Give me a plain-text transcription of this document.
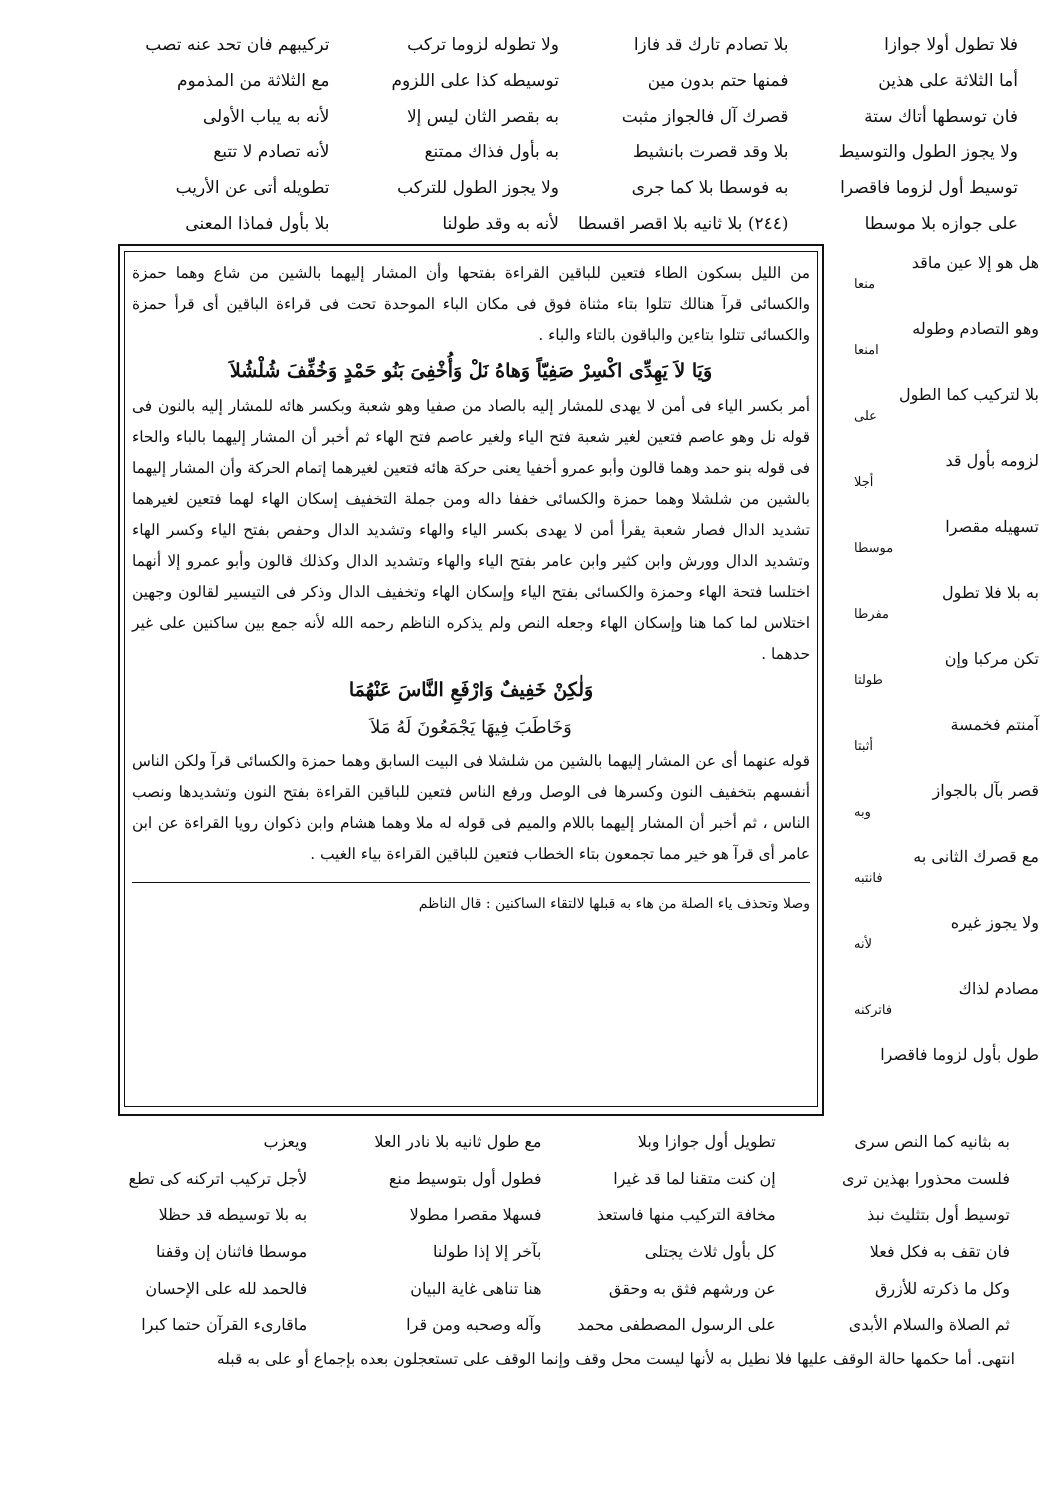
فلا تطول أولا جوازا
بلا تصادم تارك قد فازا
ولا تطوله لزوما تركب
تركيبهم فان تحد عنه تصب
أما الثلاثة على هذين
فمنها حتم بدون مين
توسيطه كذا على اللزوم
مع الثلاثة من المذموم
فان توسطها أتاك ستة
قصرك آل فالجواز مثبت
به بقصر الثان ليس إلا
لأنه به يباب الأولى
ولا يجوز الطول والتوسيط
بلا وقد قصرت بانشيط
به بأول فذاك ممتنع
لأنه تصادم لا تتبع
توسيط أول لزوما فاقصرا
به فوسطا بلا كما جرى
ولا يجوز الطول للتركب
تطويله أتى عن الأريب
على جوازه بلا موسطا
(٢٤٤) بلا ثانيه بلا اقصر اقسطا
لأنه به وقد طولنا
بلا بأول فماذا المعنى
هل هو إلا عين ماقد
منعا
وهو التصادم وطوله
امنعا
بلا لتركيب كما الطول
على
لزومه بأول قد
أجلا
تسهيله مقصرا
موسطا
به بلا فلا تطول
مفرطا
تكن مركبا وإن
طولتا
آمنتم فخمسة
أثبتا
قصر بآل بالجواز
وبه
مع قصرك الثانى به
فانتبه
ولا يجوز غيره
لأنه
مصادم لذاك
فاتركنه
طول بأول لزوما فاقصرا

من الليل بسكون الطاء فتعين للباقين القراءة بفتحها وأن المشار إليهما بالشين من شاع وهما حمزة والكسائى قرآ هنالك تتلوا بتاء مثناة فوق فى مكان الباء الموحدة تحت فى قراءة الباقين أى قرأ حمزة والكسائى تتلوا بتاءين والباقون بالتاء والباء .

وَيَا لاَ يَهِدِّى اكْسِرْ صَفِيّاً وَهاهُ نَلْ وَأُخْفِىَ بَنُو حَمْدٍ وَخُفِّفَ شُلْشُلاَ

أمر بكسر الياء فى أمن لا يهدى للمشار إليه بالصاد من صفيا وهو شعبة وبكسر هائه للمشار إليه بالنون فى قوله نل وهو عاصم فتعين لغير شعبة فتح الياء ولغير عاصم فتح الهاء ثم أخبر أن المشار إليهما بالباء والحاء فى قوله بنو حمد وهما قالون وأبو عمرو أخفيا يعنى حركة هائه فتعين لغيرهما إتمام الحركة وأن المشار إليهما بالشين من شلشلا وهما حمزة والكسائى خففا داله ومن جملة التخفيف إسكان الهاء لهما فتعين لغيرهما تشديد الدال فصار شعبة يقرأ أمن لا يهدى بكسر الياء والهاء وتشديد الدال وحفص بفتح الياء وكسر الهاء وتشديد الدال وورش وابن كثير وابن عامر بفتح الياء والهاء وتشديد الدال وكذلك قالون وأبو عمرو إلا أنهما اختلسا فتحة الهاء وحمزة والكسائى بفتح الياء وإسكان الهاء وتخفيف الدال وذكر فى التيسير لقالون وجهين اختلاس لما كما هنا وإسكان الهاء وجعله النص ولم يذكره الناظم رحمه الله لأنه جمع بين ساكنين على غير حدهما .

وَلٰكِنْ خَفِيفٌ وَارْفَعِ النَّاسَ عَنْهُمَا

وَخَاطَبَ فِيهَا يَجْمَعُونَ لَهُ مَلاَ

قوله عنهما أى عن المشار إليهما بالشين من شلشلا فى البيت السابق وهما حمزة والكسائى قرآ ولكن الناس أنفسهم بتخفيف النون وكسرها فى الوصل ورفع الناس فتعين للباقين القراءة بفتح النون وتشديدها ونصب الناس ، ثم أخبر أن المشار إليهما باللام والميم فى قوله له ملا وهما هشام وابن ذكوان رويا القراءة عن ابن عامر أى قرآ هو خير مما تجمعون بتاء الخطاب فتعين للباقين القراءة بياء الغيب .

وصلا وتحذف ياء الصلة من هاء به قبلها لالتقاء الساكنين : قال الناظم

به بثانيه كما النص سرى
تطويل أول جوازا وبلا
مع طول ثانيه بلا نادر العلا
ويعزب
فلست محذورا بهذين ترى
إن كنت متقنا لما قد غيرا
فطول أول بتوسيط منع
لأجل تركيب اتركنه كى تطع
توسيط أول بتثليث نبذ
مخافة التركيب منها فاستعذ
فسهلا مقصرا مطولا
به بلا توسيطه قد حظلا
فان تقف به فكل فعلا
كل بأول ثلاث يجتلى
بآخر إلا إذا طولنا
موسطا فاثنان إن وقفنا
وكل ما ذكرته للأزرق
عن ورشهم فثق به وحقق
هنا تناهى غاية البيان
فالحمد لله على الإحسان
ثم الصلاة والسلام الأبدى
على الرسول المصطفى محمد
وآله وصحبه ومن قرا
ماقارىء القرآن حتما كبرا
انتهى. أما حكمها حالة الوقف عليها فلا نطيل به لأنها ليست محل وقف وإنما الوقف على تستعجلون بعده بإجماع أو على به قبله
